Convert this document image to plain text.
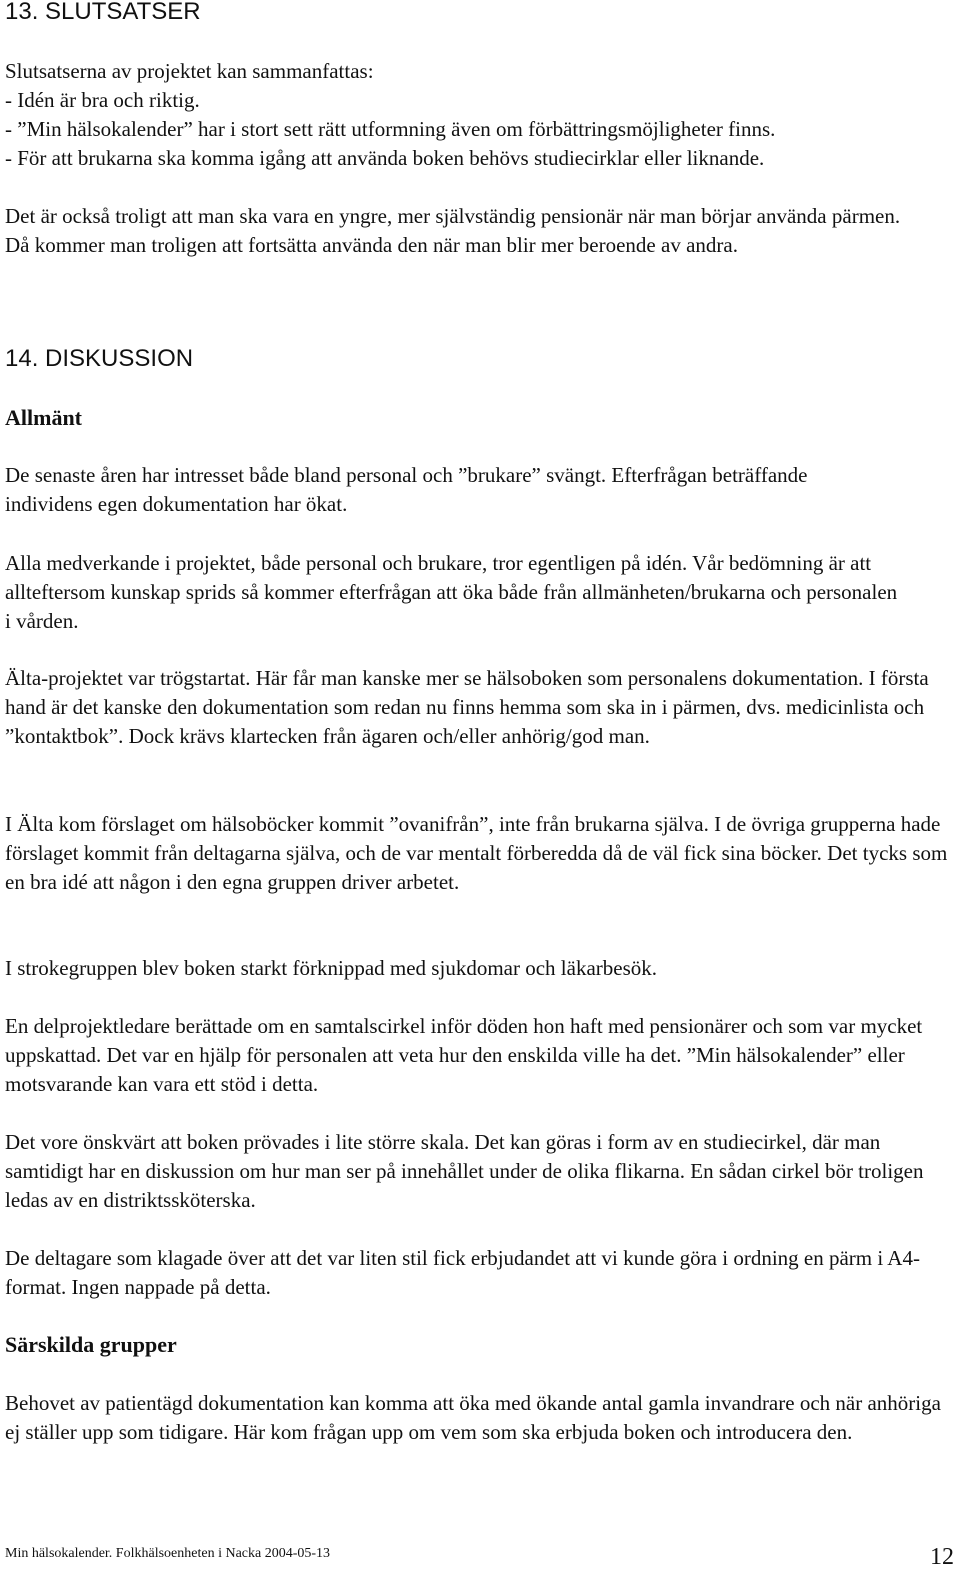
13. SLUTSATSER

Slutsatserna av projektet kan sammanfattas:

- Idén är bra och riktig.

- ”Min hälsokalender” har i stort sett rätt utformning även om förbättringsmöjligheter finns.

- För att brukarna ska komma igång att använda boken behövs studiecirklar eller liknande.

Det är också troligt att man ska vara en yngre, mer självständig pensionär när man börjar använda pärmen. Då kommer man troligen att fortsätta använda den när man blir mer beroende av andra.

14. DISKUSSION
Allmänt

De senaste åren har intresset både bland personal och ”brukare” svängt. Efterfrågan beträffande individens egen dokumentation har ökat.

Alla medverkande i projektet, både personal och brukare, tror egentligen på idén. Vår bedömning är att allteftersom kunskap sprids så kommer efterfrågan att öka både från allmänheten/brukarna och personalen i vården.

Älta-projektet var trögstartat. Här får man kanske mer se hälsoboken som personalens dokumentation. I första hand är det kanske den dokumentation som redan nu finns hemma som ska in i pärmen, dvs. medicinlista och ”kontaktbok”. Dock krävs klartecken från ägaren och/eller anhörig/god man.

I Älta kom förslaget om hälsoböcker kommit ”ovanifrån”, inte från brukarna själva. I de övriga grupperna hade förslaget kommit från deltagarna själva, och de var mentalt förberedda då de väl fick sina böcker. Det tycks som en bra idé att någon i den egna gruppen driver arbetet.

I strokegruppen blev boken starkt förknippad med sjukdomar och läkarbesök.

En delprojektledare berättade om en samtalscirkel inför döden hon haft med pensionärer och som var mycket uppskattad. Det var en hjälp för personalen att veta hur den enskilda ville ha det. ”Min hälsokalender” eller motsvarande kan vara ett stöd i detta.

Det vore önskvärt att boken prövades i lite större skala. Det kan göras i form av en studiecirkel, där man samtidigt har en diskussion om hur man ser på innehållet under de olika flikarna. En sådan cirkel bör troligen ledas av en distriktssköterska.

De deltagare som klagade över att det var liten stil fick erbjudandet att vi kunde göra i ordning en pärm i A4-format. Ingen nappade på detta.

Särskilda grupper

Behovet av patientägd dokumentation kan komma att öka med ökande antal gamla invandrare och när anhöriga ej ställer upp som tidigare. Här kom frågan upp om vem som ska erbjuda boken och introducera den.

Min hälsokalender. Folkhälsoenheten i Nacka 2004-05-13	12
